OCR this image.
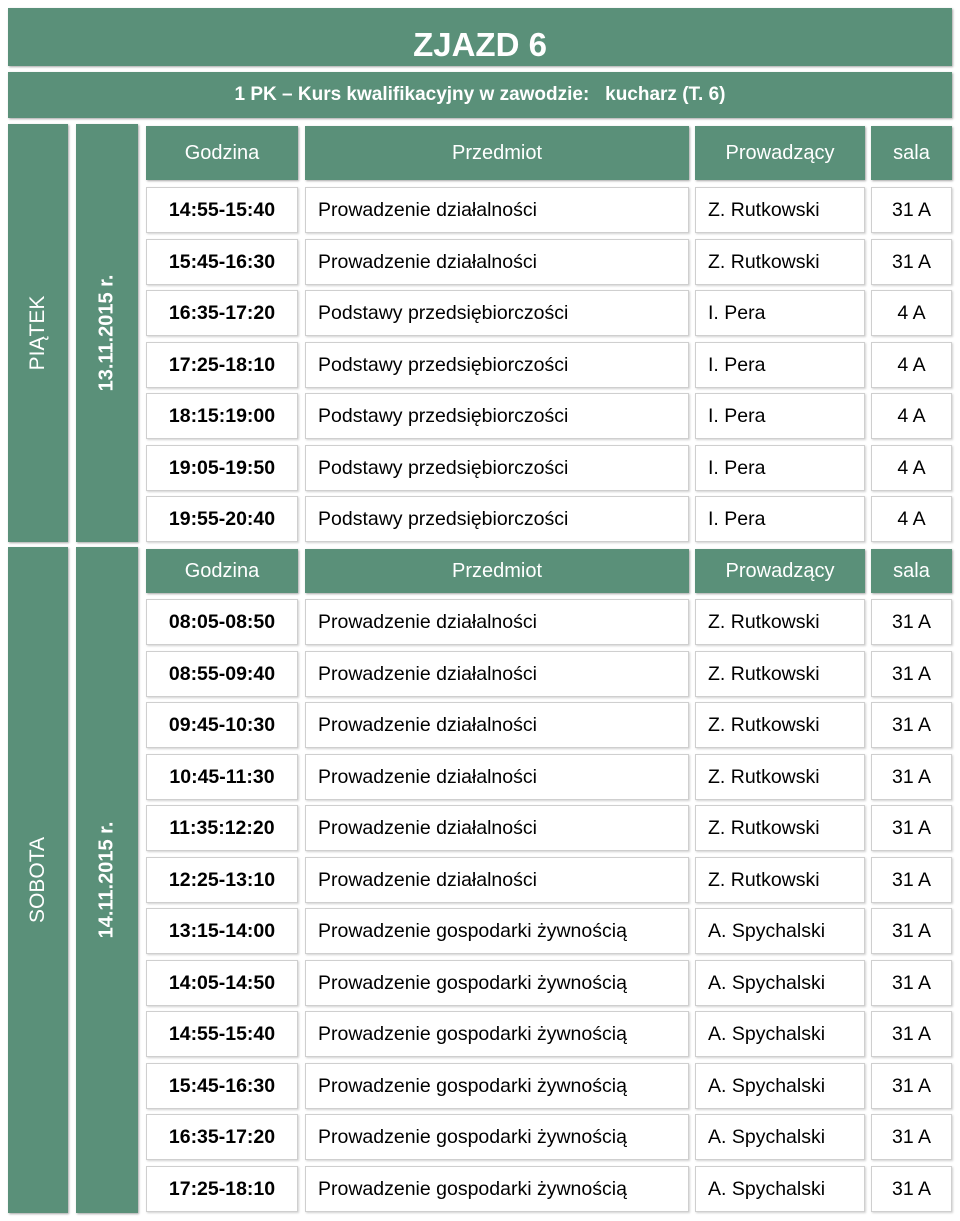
ZJAZD 6
1 PK – Kurs kwalifikacyjny w zawodzie:   kucharz (T. 6)
PIĄTEK 13.11.2015 r.
SOBOTA 14.11.2015 r.
Godzina	Przedmiot	Prowadzący	sala
14:55-15:40 Prowadzenie działalności	Z. Rutkowski	31 A
15:45-16:30 Prowadzenie działalności	Z. Rutkowski	31 A
16:35-17:20 Podstawy przedsiębiorczości	I. Pera	4 A
17:25-18:10 Podstawy przedsiębiorczości	I. Pera	4 A
18:15:19:00 Podstawy przedsiębiorczości	I. Pera	4 A
19:05-19:50 Podstawy przedsiębiorczości	I. Pera	4 A
19:55-20:40 Podstawy przedsiębiorczości	I. Pera	4 A
Godzina	Przedmiot	Prowadzący	sala
08:05-08:50 Prowadzenie działalności	Z. Rutkowski	31 A
08:55-09:40 Prowadzenie działalności	Z. Rutkowski	31 A
09:45-10:30 Prowadzenie działalności	Z. Rutkowski	31 A
10:45-11:30 Prowadzenie działalności	Z. Rutkowski	31 A
11:35:12:20 Prowadzenie działalności	Z. Rutkowski	31 A
12:25-13:10 Prowadzenie działalności	Z. Rutkowski	31 A
13:15-14:00 Prowadzenie gospodarki żywnością	A. Spychalski	31 A
14:05-14:50 Prowadzenie gospodarki żywnością	A. Spychalski	31 A
14:55-15:40 Prowadzenie gospodarki żywnością	A. Spychalski	31 A
15:45-16:30 Prowadzenie gospodarki żywnością	A. Spychalski	31 A
16:35-17:20 Prowadzenie gospodarki żywnością	A. Spychalski	31 A
17:25-18:10 Prowadzenie gospodarki żywnością	A. Spychalski	31 A
